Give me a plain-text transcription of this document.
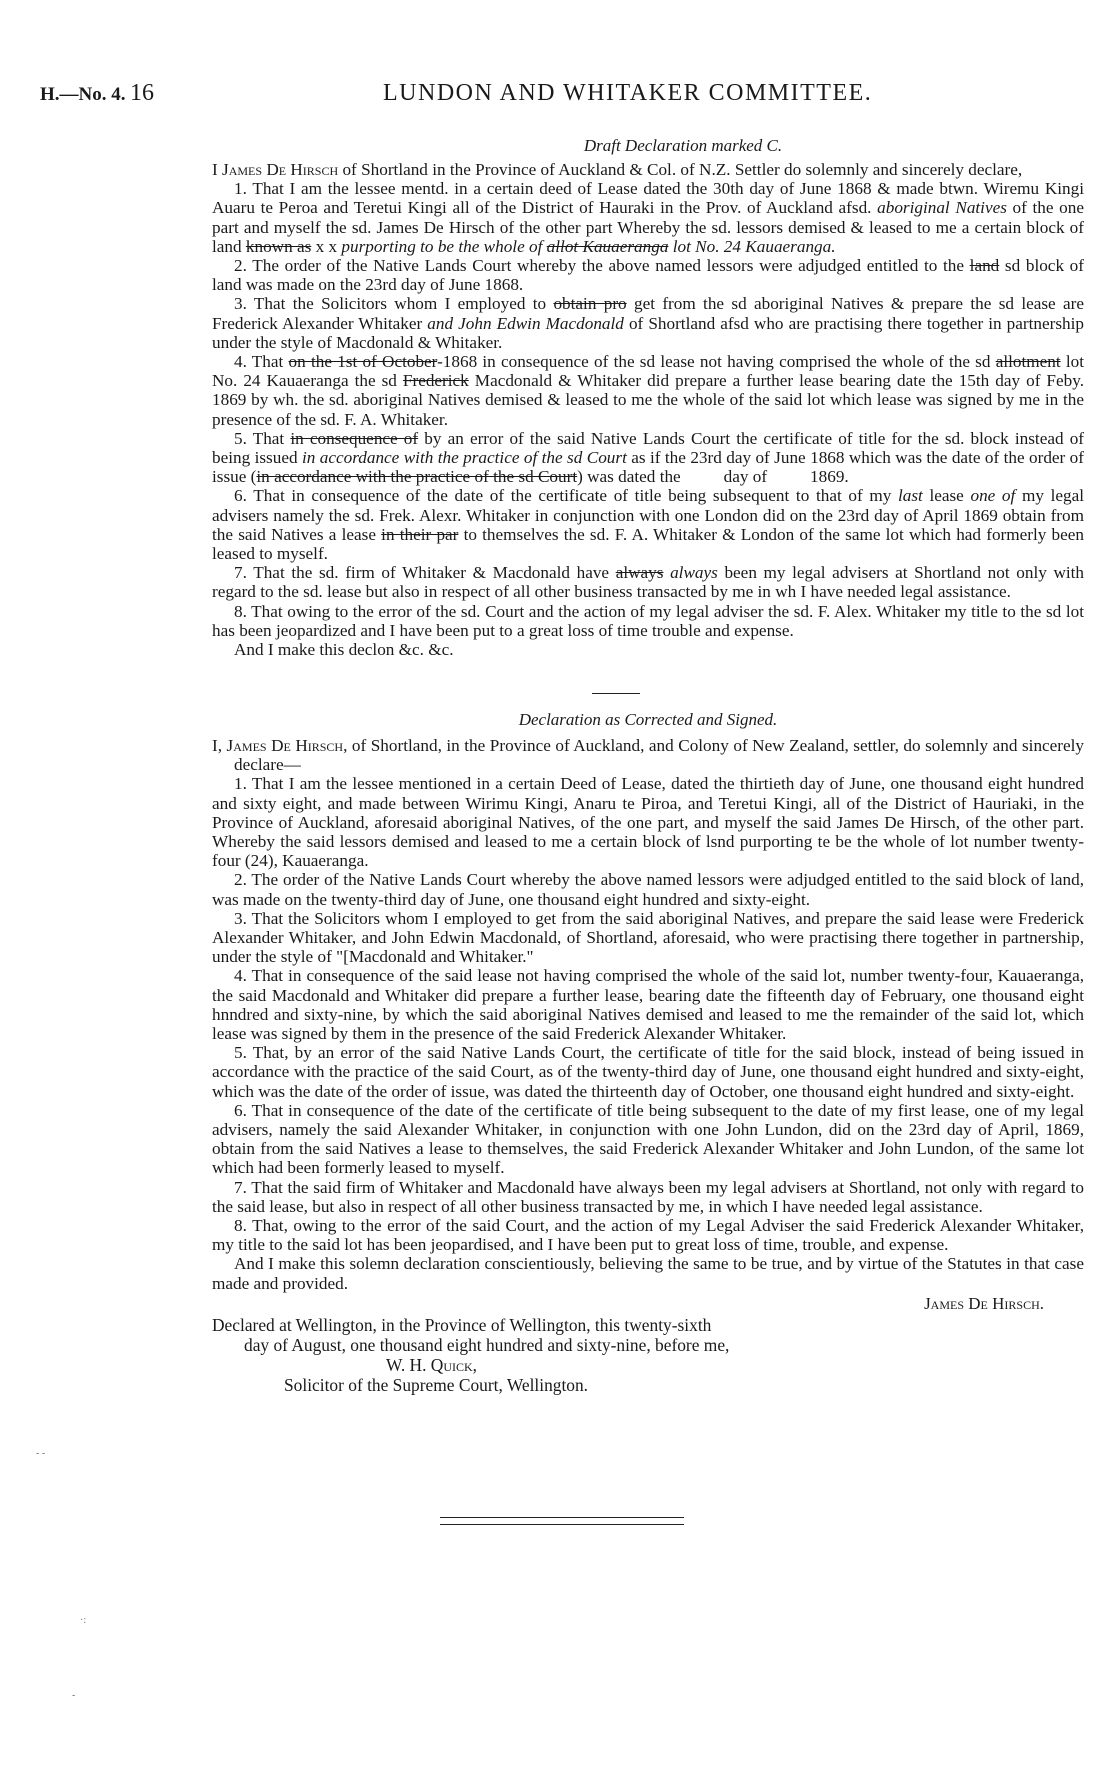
H.—No. 4. 16	LUNDON AND WHITAKER COMMITTEE.
Draft Declaration marked C.

I James De Hirsch of Shortland in the Province of Auckland & Col. of N.Z. Settler do solemnly and sincerely declare,

1. That I am the lessee mentd. in a certain deed of Lease dated the 30th day of June 1868 & made btwn. Wiremu Kingi Auaru te Peroa and Teretui Kingi all of the District of Hauraki in the Prov. of Auckland afsd. aboriginal Natives of the one part and myself the sd. James De Hirsch of the other part Whereby the sd. lessors demised & leased to me a certain block of land known as x x purporting to be the whole of allot Kauaeranga lot No. 24 Kauaeranga.

2. The order of the Native Lands Court whereby the above named lessors were adjudged entitled to the land sd block of land was made on the 23rd day of June 1868.

3. That the Solicitors whom I employed to obtain pro get from the sd aboriginal Natives & prepare the sd lease are Frederick Alexander Whitaker and John Edwin Macdonald of Shortland afsd who are practising there together in partnership under the style of Macdonald & Whitaker.

4. That on the 1st of October-1868 in consequence of the sd lease not having comprised the whole of the sd allotment lot No. 24 Kauaeranga the sd Frederick Macdonald & Whitaker did prepare a further lease bearing date the 15th day of Feby. 1869 by wh. the sd. aboriginal Natives demised & leased to me the whole of the said lot which lease was signed by me in the presence of the sd. F. A. Whitaker.

5. That in consequence of by an error of the said Native Lands Court the certificate of title for the sd. block instead of being issued in accordance with the practice of the sd Court as if the 23rd day of June 1868 which was the date of the order of issue (in accordance with the practice of the sd Court) was dated the          day of          1869.

6. That in consequence of the date of the certificate of title being subsequent to that of my last lease one of my legal advisers namely the sd. Frek. Alexr. Whitaker in conjunction with one London did on the 23rd day of April 1869 obtain from the said Natives a lease in their par to themselves the sd. F. A. Whitaker & London of the same lot which had formerly been leased to myself.

7. That the sd. firm of Whitaker & Macdonald have always always been my legal advisers at Shortland not only with regard to the sd. lease but also in respect of all other business transacted by me in wh I have needed legal assistance.

8. That owing to the error of the sd. Court and the action of my legal adviser the sd. F. Alex. Whitaker my title to the sd lot has been jeopardized and I have been put to a great loss of time trouble and expense.

And I make this declon &c. &c.

Declaration as Corrected and Signed.

I, James De Hirsch, of Shortland, in the Province of Auckland, and Colony of New Zealand, settler, do solemnly and sincerely declare—

1. That I am the lessee mentioned in a certain Deed of Lease, dated the thirtieth day of June, one thousand eight hundred and sixty eight, and made between Wirimu Kingi, Anaru te Piroa, and Teretui Kingi, all of the District of Hauriaki, in the Province of Auckland, aforesaid aboriginal Natives, of the one part, and myself the said James De Hirsch, of the other part. Whereby the said lessors demised and leased to me a certain block of lsnd purporting te be the whole of lot number twenty-four (24), Kauaeranga.

2. The order of the Native Lands Court whereby the above named lessors were adjudged entitled to the said block of land, was made on the twenty-third day of June, one thousand eight hundred and sixty-eight.

3. That the Solicitors whom I employed to get from the said aboriginal Natives, and prepare the said lease were Frederick Alexander Whitaker, and John Edwin Macdonald, of Shortland, aforesaid, who were practising there together in partnership, under the style of "[Macdonald and Whitaker."

4. That in consequence of the said lease not having comprised the whole of the said lot, number twenty-four, Kauaeranga, the said Macdonald and Whitaker did prepare a further lease, bearing date the fifteenth day of February, one thousand eight hnndred and sixty-nine, by which the said aboriginal Natives demised and leased to me the remainder of the said lot, which lease was signed by them in the presence of the said Frederick Alexander Whitaker.

5. That, by an error of the said Native Lands Court, the certificate of title for the said block, instead of being issued in accordance with the practice of the said Court, as of the twenty-third day of June, one thousand eight hundred and sixty-eight, which was the date of the order of issue, was dated the thirteenth day of October, one thousand eight hundred and sixty-eight.

6. That in consequence of the date of the certificate of title being subsequent to the date of my first lease, one of my legal advisers, namely the said Alexander Whitaker, in conjunction with one John Lundon, did on the 23rd day of April, 1869, obtain from the said Natives a lease to themselves, the said Frederick Alexander Whitaker and John Lundon, of the same lot which had been formerly leased to myself.

7. That the said firm of Whitaker and Macdonald have always been my legal advisers at Shortland, not only with regard to the said lease, but also in respect of all other business transacted by me, in which I have needed legal assistance.

8. That, owing to the error of the said Court, and the action of my Legal Adviser the said Frederick Alexander Whitaker, my title to the said lot has been jeopardised, and I have been put to great loss of time, trouble, and expense.

And I make this solemn declaration conscientiously, believing the same to be true, and by virtue of the Statutes in that case made and provided.

James De Hirsch.

Declared at Wellington, in the Province of Wellington, this twenty-sixth

day of August, one thousand eight hundred and sixty-nine, before me,

W. H. Quick,

Solicitor of the Supreme Court, Wellington.

- -
·:
-
